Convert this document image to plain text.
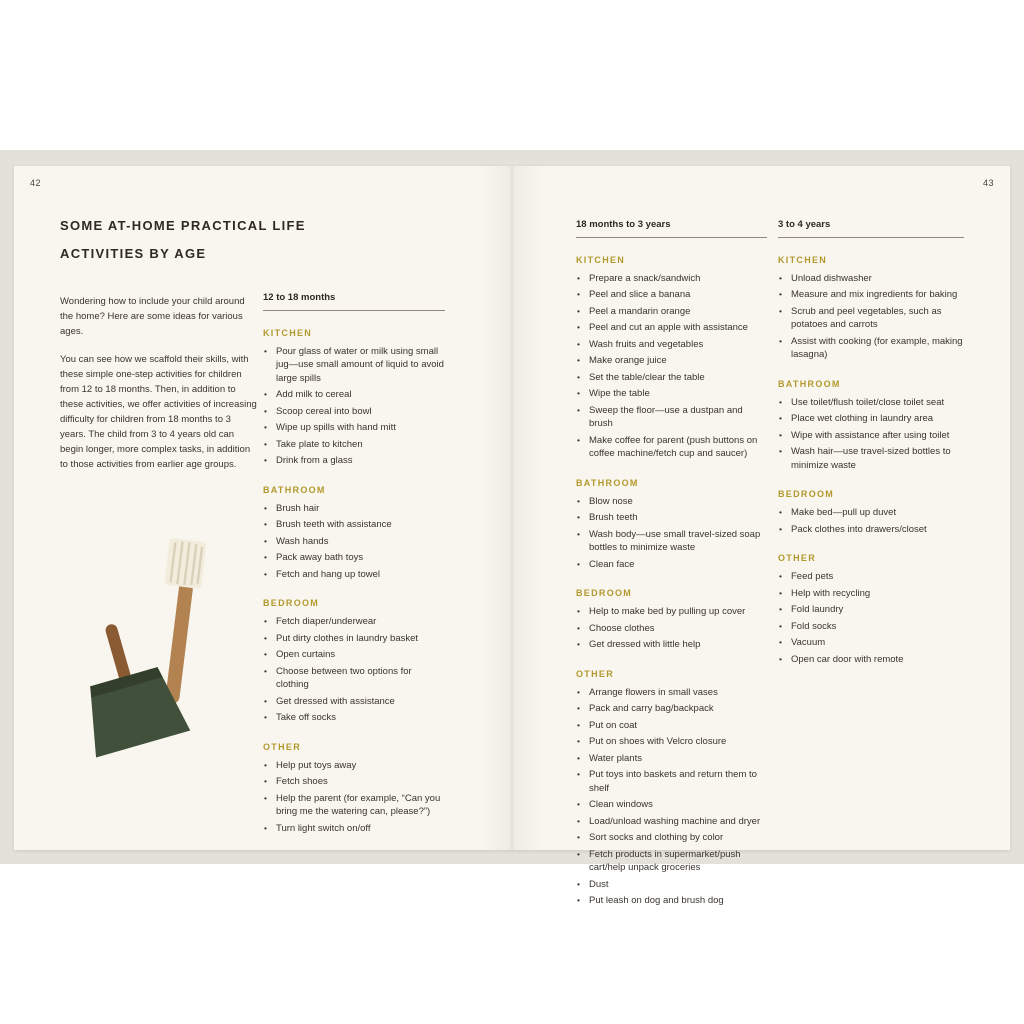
42
SOME AT-HOME PRACTICAL LIFE
ACTIVITIES BY AGE

Wondering how to include your child around the home? Here are some ideas for various ages.

You can see how we scaffold their skills, with these simple one-step activities for children from 12 to 18 months. Then, in addition to these activities, we offer activities of increasing difficulty for children from 18 months to 3 years. The child from 3 to 4 years old can begin longer, more complex tasks, in addition to those activities from earlier age groups.

12 to 18 months
KITCHEN
• Pour glass of water or milk using small jug—use small amount of liquid to avoid large spills
• Add milk to cereal
• Scoop cereal into bowl
• Wipe up spills with hand mitt
• Take plate to kitchen
• Drink from a glass
BATHROOM
• Brush hair
• Brush teeth with assistance
• Wash hands
• Pack away bath toys
• Fetch and hang up towel
BEDROOM
• Fetch diaper/underwear
• Put dirty clothes in laundry basket
• Open curtains
• Choose between two options for clothing
• Get dressed with assistance
• Take off socks
OTHER
• Help put toys away
• Fetch shoes
• Help the parent (for example, “Can you bring me the watering can, please?”)
• Turn light switch on/off
43
18 months to 3 years
KITCHEN
• Prepare a snack/sandwich
• Peel and slice a banana
• Peel a mandarin orange
• Peel and cut an apple with assistance
• Wash fruits and vegetables
• Make orange juice
• Set the table/clear the table
• Wipe the table
• Sweep the floor—use a dustpan and brush
• Make coffee for parent (push buttons on coffee machine/fetch cup and saucer)
BATHROOM
• Blow nose
• Brush teeth
• Wash body—use small travel-sized soap bottles to minimize waste
• Clean face
BEDROOM
• Help to make bed by pulling up cover
• Choose clothes
• Get dressed with little help
OTHER
• Arrange flowers in small vases
• Pack and carry bag/backpack
• Put on coat
• Put on shoes with Velcro closure
• Water plants
• Put toys into baskets and return them to shelf
• Clean windows
• Load/unload washing machine and dryer
• Sort socks and clothing by color
• Fetch products in supermarket/push cart/help unpack groceries
• Dust
• Put leash on dog and brush dog
3 to 4 years
KITCHEN
• Unload dishwasher
• Measure and mix ingredients for baking
• Scrub and peel vegetables, such as potatoes and carrots
• Assist with cooking (for example, making lasagna)
BATHROOM
• Use toilet/flush toilet/close toilet seat
• Place wet clothing in laundry area
• Wipe with assistance after using toilet
• Wash hair—use travel-sized bottles to minimize waste
BEDROOM
• Make bed—pull up duvet
• Pack clothes into drawers/closet
OTHER
• Feed pets
• Help with recycling
• Fold laundry
• Fold socks
• Vacuum
• Open car door with remote
